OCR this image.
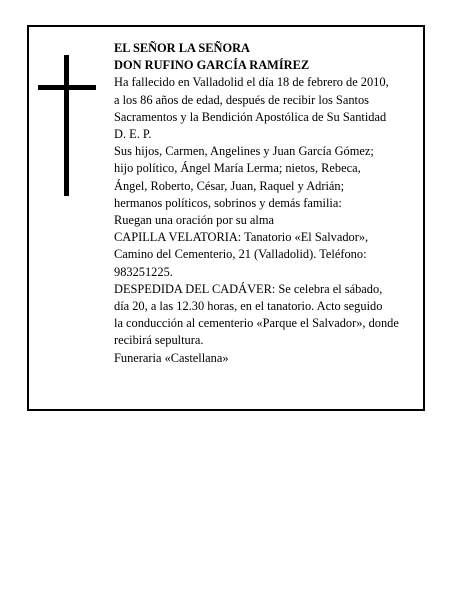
EL SEÑOR LA SEÑORA
DON RUFINO GARCÍA RAMÍREZ
Ha fallecido en Valladolid el día 18 de febrero de 2010,
a los 86 años de edad, después de recibir los Santos
Sacramentos y la Bendición Apostólica de Su Santidad
D. E. P.
Sus hijos, Carmen, Angelines y Juan García Gómez;
hijo político, Ángel María Lerma; nietos, Rebeca,
Ángel, Roberto, César, Juan, Raquel y Adrián;
hermanos políticos, sobrinos y demás familia:
Ruegan una oración por su alma
CAPILLA VELATORIA: Tanatorio «El Salvador»,
Camino del Cementerio, 21 (Valladolid). Teléfono:
983251225.
DESPEDIDA DEL CADÁVER: Se celebra el sábado,
día 20, a las 12.30 horas, en el tanatorio. Acto seguido
la conducción al cementerio «Parque el Salvador», donde
recibirá sepultura.
Funeraria «Castellana»
